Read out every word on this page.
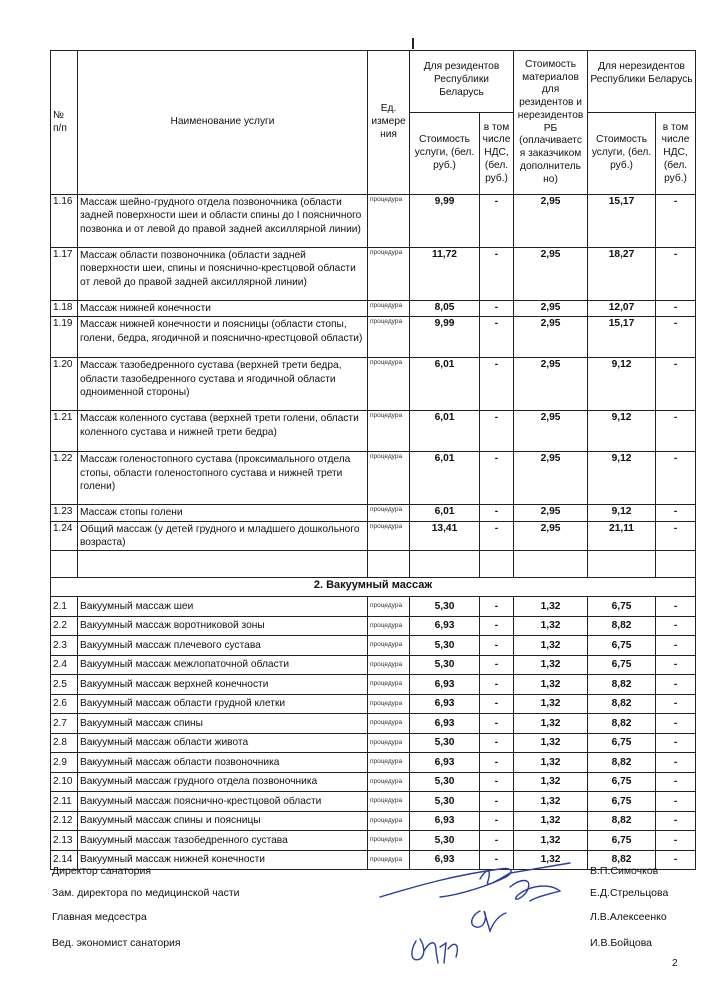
№ п/п	Наименование услуги	Ед. измере ния	Для резидентов Республики Беларусь		Стоимость материалов для резидентов и нерезидентов РБ (оплачиваетс я заказчиком дополнитель но)	Для нерезидентов Республики Беларусь	
			Стоимость услуги, (бел. руб.)	в том числе НДС, (бел. руб.)		Стоимость услуги, (бел. руб.)	в том числе НДС, (бел. руб.)
1.16	Массаж шейно-грудного отдела позвоночника (области задней поверхности шеи и области спины до I поясничного позвонка и от левой до правой задней аксиллярной линии)	процедура	9,99	-	2,95	15,17	-
1.17	Массаж области позвоночника (области задней поверхности шеи, спины и пояснично-крестцовой области от левой до правой задней аксиллярной линии)	процедура	11,72	-	2,95	18,27	-
1.18	Массаж нижней конечности	процедура	8,05	-	2,95	12,07	-
1.19	Массаж нижней конечности и поясницы (области стопы, голени, бедра, ягодичной и пояснично-крестцовой области)	процедура	9,99	-	2,95	15,17	-
1.20	Массаж тазобедренного сустава (верхней трети бедра, области тазобедренного сустава и ягодичной области одноименной стороны)	процедура	6,01	-	2,95	9,12	-
1.21	Массаж коленного сустава (верхней трети голени, области коленного сустава и нижней трети бедра)	процедура	6,01	-	2,95	9,12	-
1.22	Массаж голеностопного сустава (проксимального отдела стопы, области голеностопного сустава и нижней трети голени)	процедура	6,01	-	2,95	9,12	-
1.23	Массаж стопы голени	процедура	6,01	-	2,95	9,12	-
1.24	Общий массаж (у детей грудного и младшего дошкольного возраста)	процедура	13,41	-	2,95	21,11	-

2. Вакуумный массаж							
2.1	Вакуумный массаж шеи	процедура	5,30	-	1,32	6,75	-
2.2	Вакуумный массаж воротниковой зоны	процедура	6,93	-	1,32	8,82	-
2.3	Вакуумный массаж плечевого сустава	процедура	5,30	-	1,32	6,75	-
2.4	Вакуумный массаж межлопаточной области	процедура	5,30	-	1,32	6,75	-
2.5	Вакуумный массаж верхней конечности	процедура	6,93	-	1,32	8,82	-
2.6	Вакуумный массаж области грудной клетки	процедура	6,93	-	1,32	8,82	-
2.7	Вакуумный массаж спины	процедура	6,93	-	1,32	8,82	-
2.8	Вакуумный массаж области живота	процедура	5,30	-	1,32	6,75	-
2.9	Вакуумный массаж области позвоночника	процедура	6,93	-	1,32	8,82	-
2.10	Вакуумный массаж грудного отдела позвоночника	процедура	5,30	-	1,32	6,75	-
2.11	Вакуумный массаж пояснично-крестцовой области	процедура	5,30	-	1,32	6,75	-
2.12	Вакуумный массаж спины и поясницы	процедура	6,93	-	1,32	8,82	-
2.13	Вакуумный массаж тазобедренного сустава	процедура	5,30	-	1,32	6,75	-
2.14	Вакуумный массаж нижней конечности	процедура	6,93	-	1,32	8,82	-
Директор санатория	В.П.Симочков
Зам. директора по медицинской части	Е.Д.Стрельцова
Главная медсестра	Л.В.Алексеенко
Вед. экономист санатория	И.В.Бойцова
2
